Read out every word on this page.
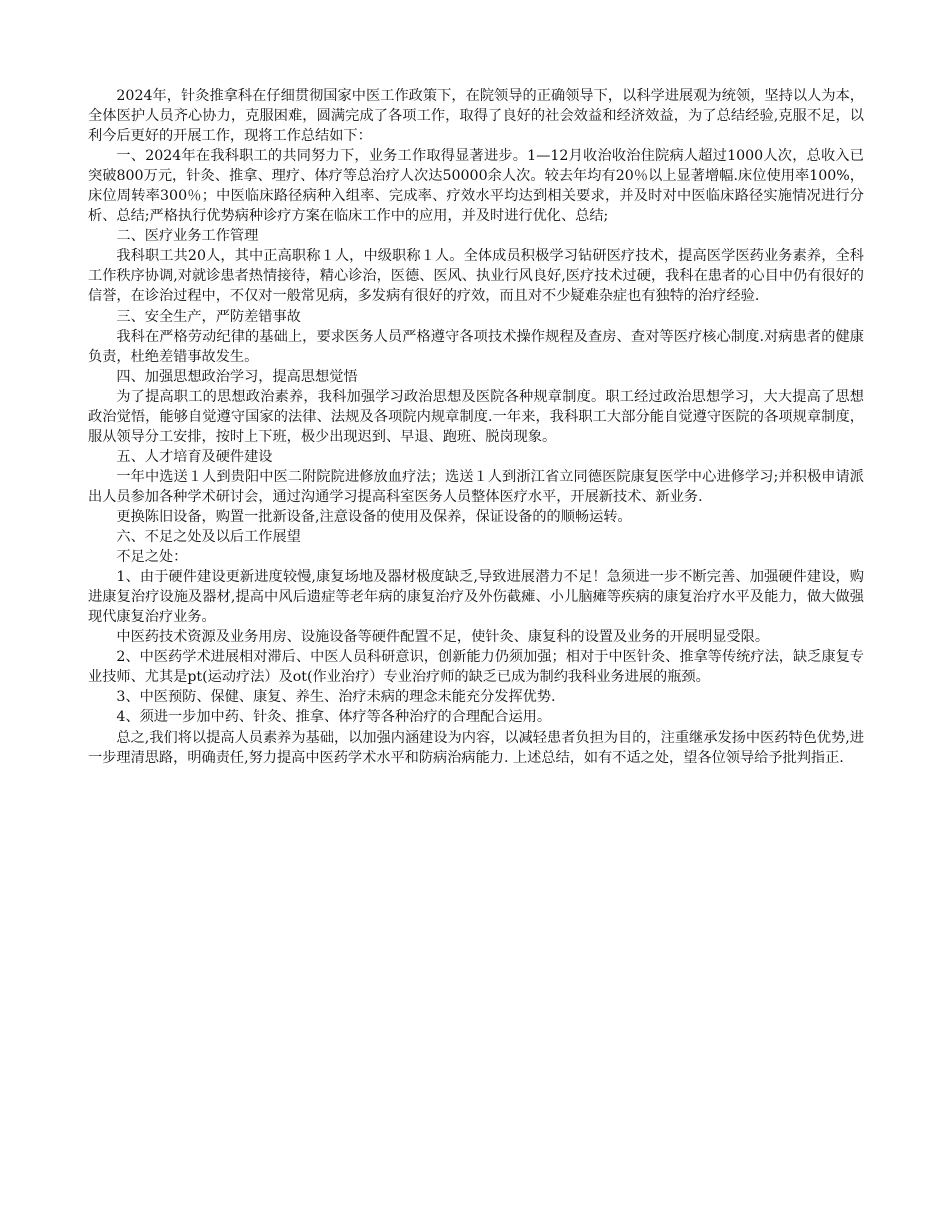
2024年，针灸推拿科在仔细贯彻国家中医工作政策下，在院领导的正确领导下，以科学进展观为统领，坚持以人为本，全体医护人员齐心协力，克服困难，圆满完成了各项工作，取得了良好的社会效益和经济效益，为了总结经验,克服不足，以利今后更好的开展工作，现将工作总结如下：

一、2024年在我科职工的共同努力下，业务工作取得显著进步。1—12月收治收治住院病人超过1000人次，总收入已突破800万元，针灸、推拿、理疗、体疗等总治疗人次达50000余人次。较去年均有20％以上显著增幅.床位使用率100%，床位周转率300％；中医临床路径病种入组率、完成率、疗效水平均达到相关要求，并及时对中医临床路径实施情况进行分析、总结;严格执行优势病种诊疗方案在临床工作中的应用，并及时进行优化、总结;

二、医疗业务工作管理

我科职工共20人，其中正高职称１人，中级职称１人。全体成员积极学习钻研医疗技术，提高医学医药业务素养，全科工作秩序协调,对就诊患者热情接待，精心诊治，医德、医风、执业行风良好,医疗技术过硬，我科在患者的心目中仍有很好的信誉，在诊治过程中，不仅对一般常见病，多发病有很好的疗效，而且对不少疑难杂症也有独特的治疗经验.

三、安全生产，严防差错事故

我科在严格劳动纪律的基础上，要求医务人员严格遵守各项技术操作规程及查房、查对等医疗核心制度.对病患者的健康负责，杜绝差错事故发生。

四、加强思想政治学习，提高思想觉悟

为了提高职工的思想政治素养，我科加强学习政治思想及医院各种规章制度。职工经过政治思想学习，大大提高了思想政治觉悟，能够自觉遵守国家的法律、法规及各项院内规章制度.一年来，我科职工大部分能自觉遵守医院的各项规章制度，服从领导分工安排，按时上下班，极少出现迟到、早退、跑班、脱岗现象。

五、人才培育及硬件建设

一年中选送１人到贵阳中医二附院院进修放血疗法；选送１人到浙江省立同德医院康复医学中心进修学习;并积极申请派出人员参加各种学术研讨会，通过沟通学习提高科室医务人员整体医疗水平，开展新技术、新业务.

更换陈旧设备，购置一批新设备,注意设备的使用及保养，保证设备的的顺畅运转。

六、不足之处及以后工作展望

不足之处：

1、由于硬件建设更新进度较慢,康复场地及器材极度缺乏,导致进展潜力不足！急须进一步不断完善、加强硬件建设，购进康复治疗设施及器材,提高中风后遗症等老年病的康复治疗及外伤截瘫、小儿脑瘫等疾病的康复治疗水平及能力，做大做强现代康复治疗业务。

中医药技术资源及业务用房、设施设备等硬件配置不足，使针灸、康复科的设置及业务的开展明显受限。

2、中医药学术进展相对滞后、中医人员科研意识，创新能力仍须加强；相对于中医针灸、推拿等传统疗法，缺乏康复专业技师、尤其是pt(运动疗法）及ot(作业治疗）专业治疗师的缺乏已成为制约我科业务进展的瓶颈。

3、中医预防、保健、康复、养生、治疗未病的理念未能充分发挥优势.

4、须进一步加中药、针灸、推拿、体疗等各种治疗的合理配合运用。

总之,我们将以提高人员素养为基础，以加强内涵建设为内容，以减轻患者负担为目的，注重继承发扬中医药特色优势,进一步理清思路，明确责任,努力提高中医药学术水平和防病治病能力. 上述总结，如有不适之处，望各位领导给予批判指正.
